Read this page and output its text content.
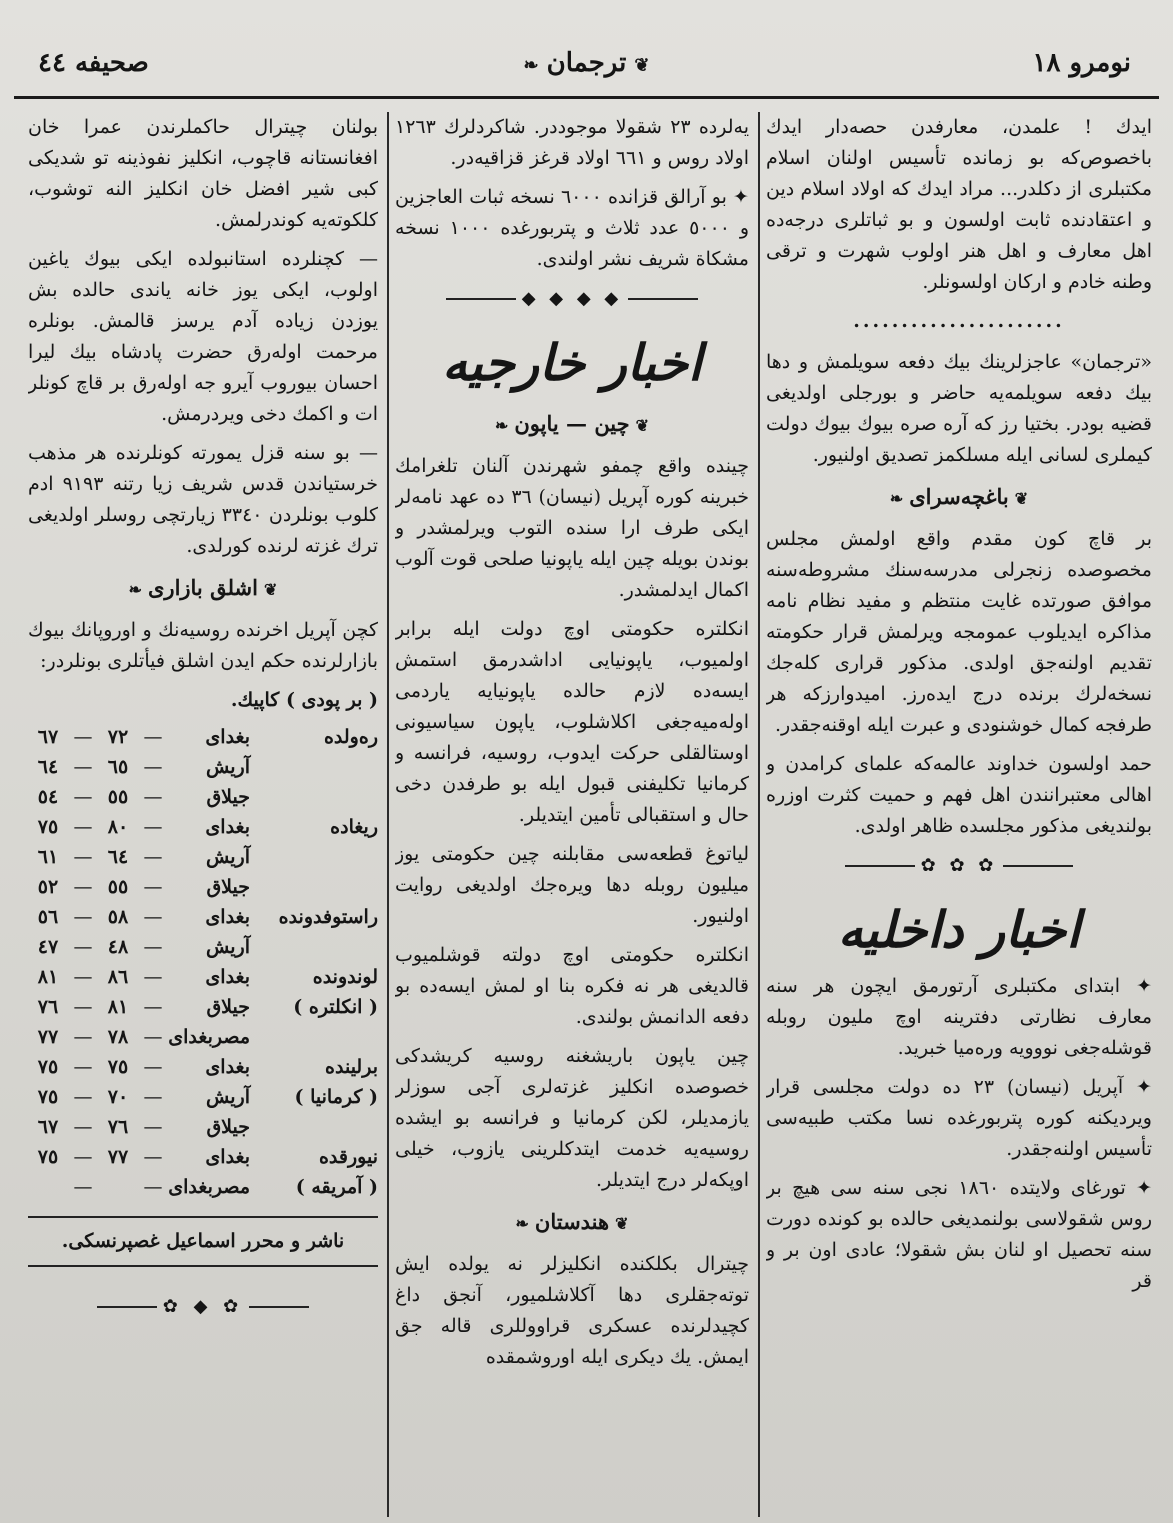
نومرو ١٨
❦ترجمان❧
صحيفه ٤٤

ايدك ! علمدن، معارفدن حصه‌دار ايدك باخصوص‌كه بو زمانده تأسيس اولنان اسلام مكتبلرى از دكلدر... مراد ايدك كه اولاد اسلام دين و اعتقادنده ثابت اولسون و بو ثباتلرى درجه‌ده اهل معارف و اهل هنر اولوب شهرت و ترقى وطنه خادم و اركان اولسونلر.

......................

«ترجمان» عاجزلرينك بيك دفعه سويلمش و دها بيك دفعه سويلمه‌يه حاضر و بورجلى اولديغى قضيه بودر. بختيا رز كه آره صره بيوك بيوك دولت كيملرى لسانى ايله مسلكمز تصديق اولنيور.

❦باغچه‌سراى❧

بر قاچ كون مقدم واقع اولمش مجلس مخصوصده زنجرلى مدرسه‌سنك مشروطه‌سنه موافق صورتده غايت منتظم و مفيد نظام نامه مذاكره ايديلوب عمومجه ويرلمش قرار حكومته تقديم اولنه‌جق اولدى. مذكور قرارى كله‌جك نسخه‌لرك برنده درج ايده‌رز. اميدوارزكه هر طرفجه كمال خوشنودى و عبرت ايله اوقنه‌جقدر.

حمد اولسون خداوند عالمه‌كه علماى كرامدن و اهالى معتبرانندن اهل فهم و حميت كثرت اوزره بولنديغى مذكور مجلسده ظاهر اولدى.

✿ ✿ ✿
اخبار داخليه

✦ ابتداى مكتبلرى آرتورمق ايچون هر سنه معارف نظارتى دفترينه اوچ مليون روبله قوشله‌جغى نوو‌ويه وره‌ميا خبريد.

✦ آپريل (نيسان) ٢٣ ده دولت مجلسى قرار ويرديكنه كوره پتربورغده نسا مكتب طبيه‌سى تأسيس اولنه‌جقدر.

✦ تورغاى ولايتده ١٨٦٠ نجى سنه سى هيچ بر روس شقولاسى بولنمديغى حالده بو كونده دورت سنه تحصيل او لنان بش شقولا؛ عادى اون بر و قر

يه‌لرده ٢٣ شقولا موجوددر. شاكردلرك ١٢٦٣ اولاد روس و ٦٦١ اولاد قرغز قزاقيه‌در.

✦ بو آرالق قزانده ٦٠٠٠ نسخه ثبات العاجزين و ٥٠٠٠ عدد ثلاث و پتربورغده ١٠٠٠ نسخه مشكاة شريف نشر اولندى.

◆ ◆ ◆ ◆
اخبار خارجيه
❦چين — ياپون❧

چينده واقع چمفو شهرندن آلنان تلغرامك خبرينه كوره آپريل (نيسان) ٣٦ ده عهد نامه‌لر ايكى طرف ارا سنده التوب ويرلمشدر و بوندن بو‌يله چين ايله ياپونيا صلحى قوت آلوب اكمال ايدلمشدر.

انكلتره حكومتى اوچ دولت ايله برابر اولميوب، ياپونيايى اداشدرمق استمش ايسه‌ده لازم حالده ياپونيايه ياردمى اوله‌ميه‌جغى اكلاشلوب، ياپون سياسيونى اوستالقلى حركت ايدوب، روسيه، فرانسه و كرمانيا تكليفنى قبول ايله بو طرفدن دخى حال و استقبالى تأمين ايتديلر.

لياتوغ قطعه‌سى مقابلنه چين حكومتى يوز ميليون روبله دها ويره‌جك اولديغى روايت اولنيور.

انكلتره حكومتى اوچ دولته قوشلميوب قالديغى هر نه فكره بنا او لمش ايسه‌ده بو دفعه الدانمش بولندى.

چين ياپون باريشغنه روسيه كريشدكى خصوصده انكليز غزته‌لرى آجى سوزلر يازمديلر، لكن كرمانيا و فرانسه بو ايشده روسيه‌يه خدمت ايتدكلرينى يازوب، خيلى اوپكه‌لر درج ايتديلر.

❦هندستان❧

چيترال بكلكنده انكليزلر نه يولده ايش توته‌جقلرى دها آكلاشلميور، آنجق داغ كچيدلرنده عسكرى قراووللرى قاله جق ايمش. يك ديكرى ايله اوروشمقده

بولنان چيترال حاكملرندن عمرا خان افغانستانه قاچوب، انكليز نفوذينه تو شديكى كبى شير افضل خان انكليز النه توشوب، كلكوته‌يه كوندرلمش.

— كچنلرده استانبولده ايكى بيوك ياغين اولوب، ايكى يوز خانه ياندى حالده بش يوزدن زياده آدم يرسز قالمش. بونلره مرحمت اوله‌رق حضرت پادشاه بيك ليرا احسان بيوروب آيرو جه اوله‌رق بر قاچ كونلر ات و اكمك دخى ويردرمش.

— بو سنه قزل يمورته كونلرنده هر مذهب خرستياندن قدس شريف زيا رتنه ٩١٩٣ ادم كلوب بونلردن ٣٣٤٠ زيارتچى روسلر اولديغى ترك غزته لرنده كورلدى.

❦اشلق بازارى❧

كچن آپريل اخرنده روسيه‌نك و اوروپانك بيوك بازارلرنده حكم ايدن اشلق فيأتلرى بونلردر:

( بر پودى ) كاپيك.
ره‌ولده
بغداى
—
٧٢
—
٦٧
آريش
—
٦٥
—
٦٤
جيلاق
—
٥٥
—
٥٤
ريغاده
بغداى
—
٨٠
—
٧٥
آريش
—
٦٤
—
٦١
جيلاق
—
٥٥
—
٥٢
راستوفدونده
بغداى
—
٥٨
—
٥٦
آريش
—
٤٨
—
٤٧
لوندونده
بغداى
—
٨٦
—
٨١
( انكلتره )
جيلاق
—
٨١
—
٧٦
مصربغداى
—
٧٨
—
٧٧
برلينده
بغداى
—
٧٥
—
٧٥
( كرمانيا )
آريش
—
٧٠
—
٧٥
جيلاق
—
٧٦
—
٦٧
نيورقده
بغداى
—
٧٧
—
٧٥
( آمريقه )
مصربغداى
—
—
ناشر و محرر اسماعيل غصپرنسكى.
✿ ◆ ✿
